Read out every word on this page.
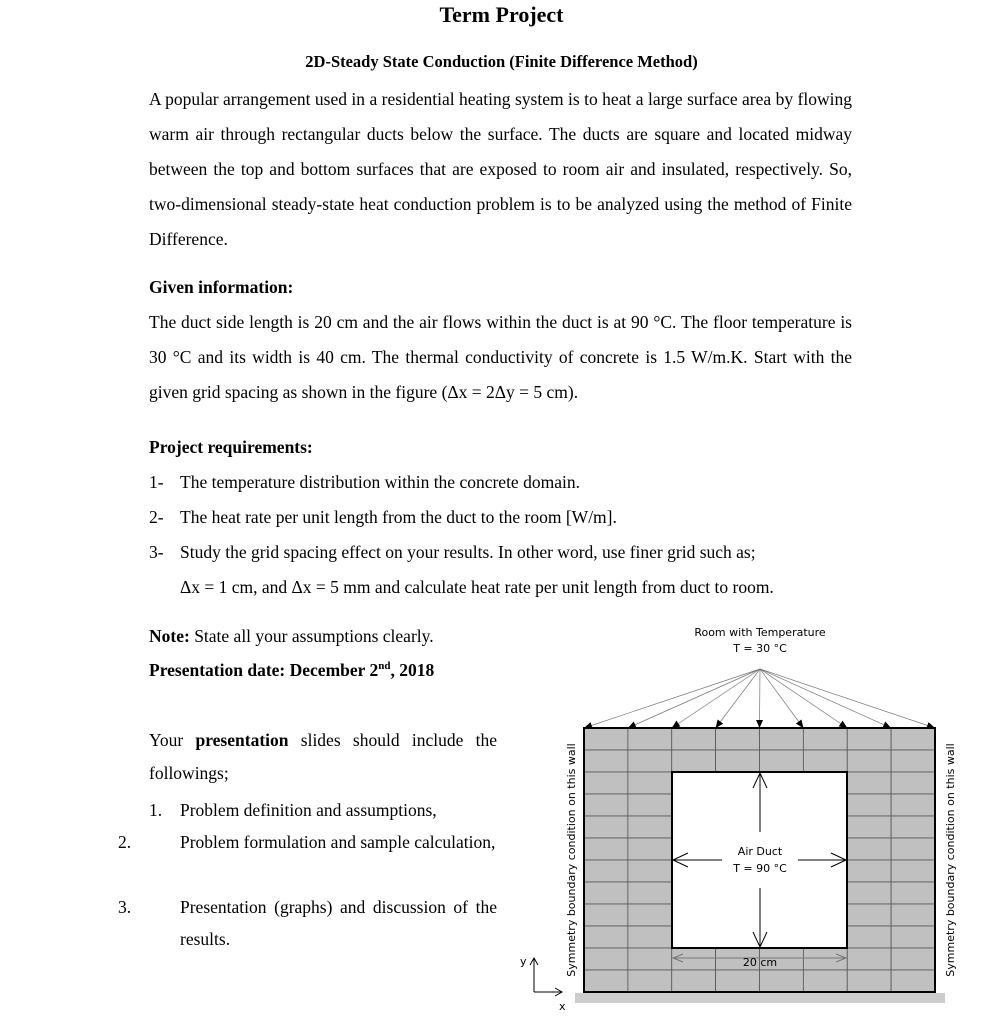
Term Project
2D-Steady State Conduction (Finite Difference Method)
A popular arrangement used in a residential heating system is to heat a large surface area by flowing warm air through rectangular ducts below the surface. The ducts are square and located midway between the top and bottom surfaces that are exposed to room air and insulated, respectively. So, two-dimensional steady-state heat conduction problem is to be analyzed using the method of Finite Difference.
Given information:
The duct side length is 20 cm and the air flows within the duct is at 90 °C. The floor temperature is 30 °C and its width is 40 cm. The thermal conductivity of concrete is 1.5 W/m.K. Start with the given grid spacing as shown in the figure (Δx = 2Δy = 5 cm).
Project requirements:
1- The temperature distribution within the concrete domain.
2- The heat rate per unit length from the duct to the room [W/m].
3- Study the grid spacing effect on your results. In other word, use finer grid such as;
Δx = 1 cm, and Δx = 5 mm and calculate heat rate per unit length from duct to room.
Note: State all your assumptions clearly.
Presentation date: December 2nd, 2018
Your presentation slides should include the followings;
1. Problem definition and assumptions,
2.	Problem formulation and sample calculation,
3.	Presentation (graphs) and discussion of the results.
Room with Temperature
T = 30 °C
Air Duct
T = 90 °C
20 cm
Symmetry boundary condition on this wall	Symmetry boundary condition on this wall
y
x
